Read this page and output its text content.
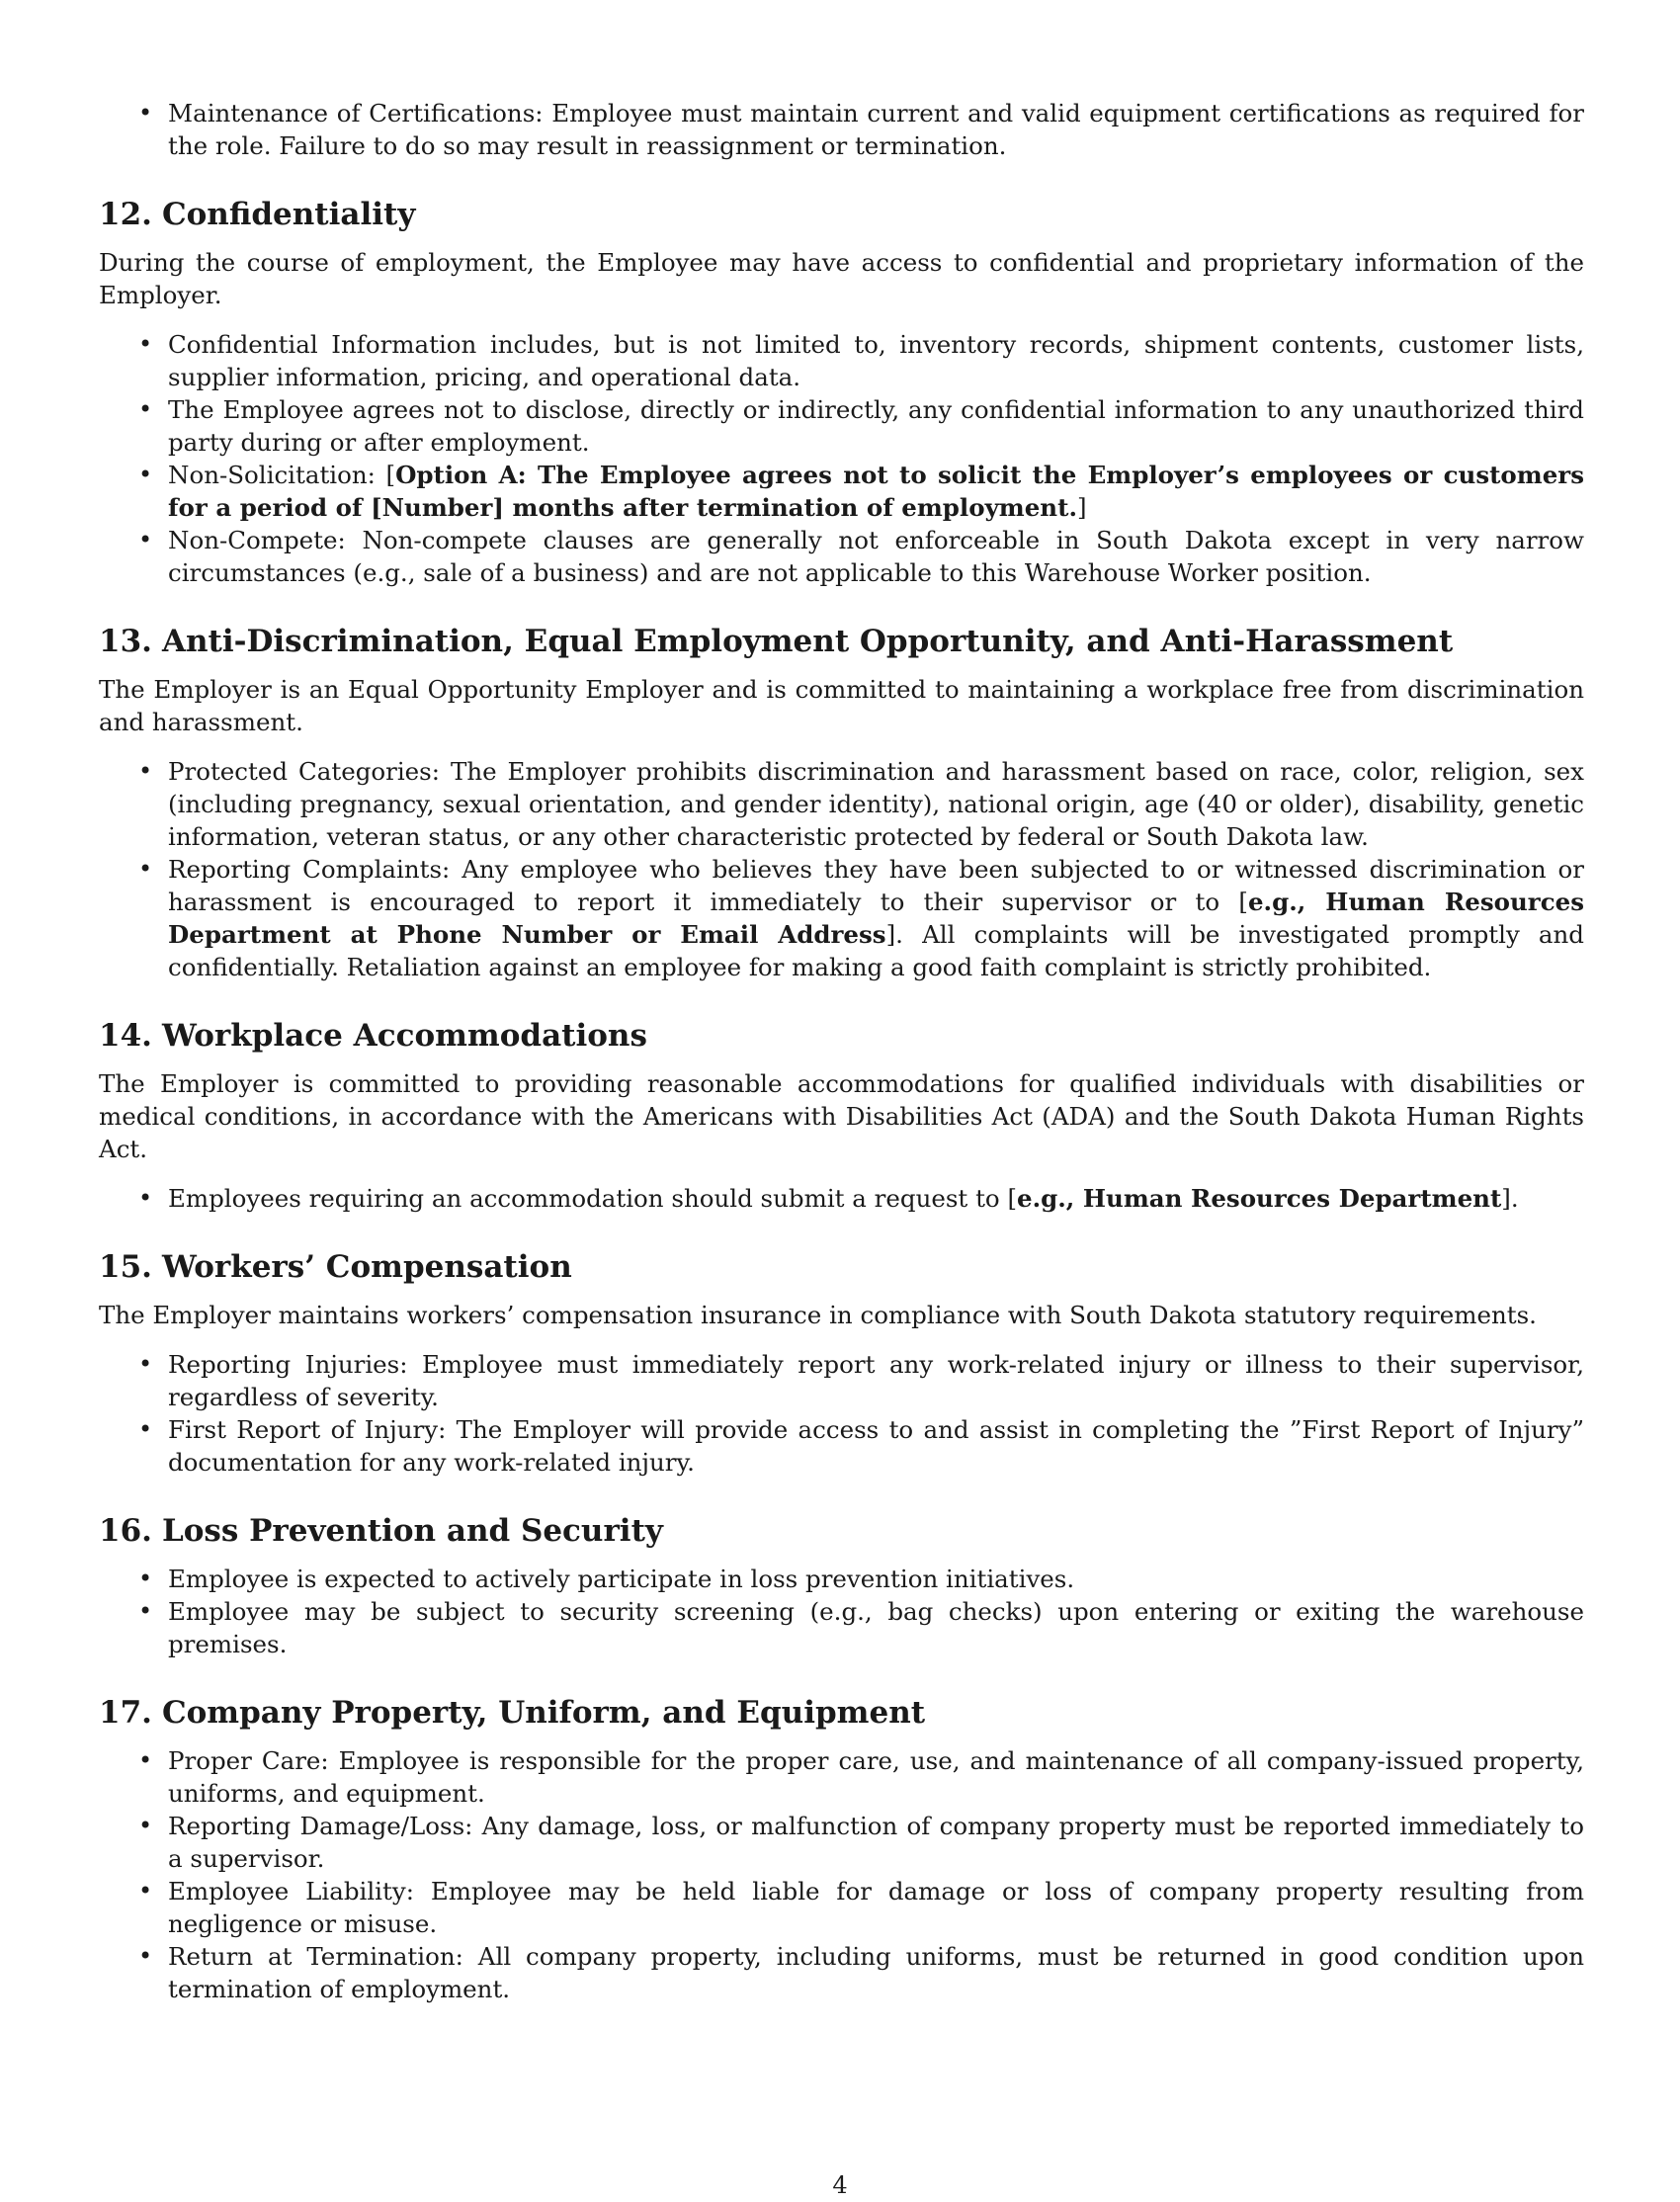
• Maintenance of Certifications: Employee must maintain current and valid equipment certifications as required for the role. Failure to do so may result in reassignment or termination.
12. Confidentiality

During the course of employment, the Employee may have access to confidential and proprietary information of the Employer.

• Confidential Information includes, but is not limited to, inventory records, shipment contents, customer lists, supplier information, pricing, and operational data.
• The Employee agrees not to disclose, directly or indirectly, any confidential information to any unauthorized third party during or after employment.
• Non-Solicitation: [Option A: The Employee agrees not to solicit the Employer’s employees or customers for a period of [Number] months after termination of employment.]
• Non-Compete: Non-compete clauses are generally not enforceable in South Dakota except in very narrow circumstances (e.g., sale of a business) and are not applicable to this Warehouse Worker position.
13. Anti-Discrimination, Equal Employment Opportunity, and Anti-Harassment

The Employer is an Equal Opportunity Employer and is committed to maintaining a workplace free from discrimination and harassment.

• Protected Categories: The Employer prohibits discrimination and harassment based on race, color, religion, sex (including pregnancy, sexual orientation, and gender identity), national origin, age (40 or older), disability, genetic information, veteran status, or any other characteristic protected by federal or South Dakota law.
• Reporting Complaints: Any employee who believes they have been subjected to or witnessed discrimination or harassment is encouraged to report it immediately to their supervisor or to [e.g., Human Resources Department at Phone Number or Email Address]. All complaints will be investigated promptly and confidentially. Retaliation against an employee for making a good faith complaint is strictly prohibited.
14. Workplace Accommodations

The Employer is committed to providing reasonable accommodations for qualified individuals with disabilities or medical conditions, in accordance with the Americans with Disabilities Act (ADA) and the South Dakota Human Rights Act.

• Employees requiring an accommodation should submit a request to [e.g., Human Resources Department].
15. Workers’ Compensation

The Employer maintains workers’ compensation insurance in compliance with South Dakota statutory requirements.

• Reporting Injuries: Employee must immediately report any work-related injury or illness to their supervisor, regardless of severity.
• First Report of Injury: The Employer will provide access to and assist in completing the ”First Report of Injury” documentation for any work-related injury.
16. Loss Prevention and Security
• Employee is expected to actively participate in loss prevention initiatives.
• Employee may be subject to security screening (e.g., bag checks) upon entering or exiting the warehouse premises.
17. Company Property, Uniform, and Equipment
• Proper Care: Employee is responsible for the proper care, use, and maintenance of all company-issued property, uniforms, and equipment.
• Reporting Damage/Loss: Any damage, loss, or malfunction of company property must be reported immediately to a supervisor.
• Employee Liability: Employee may be held liable for damage or loss of company property resulting from negligence or misuse.
• Return at Termination: All company property, including uniforms, must be returned in good condition upon termination of employment.
4
